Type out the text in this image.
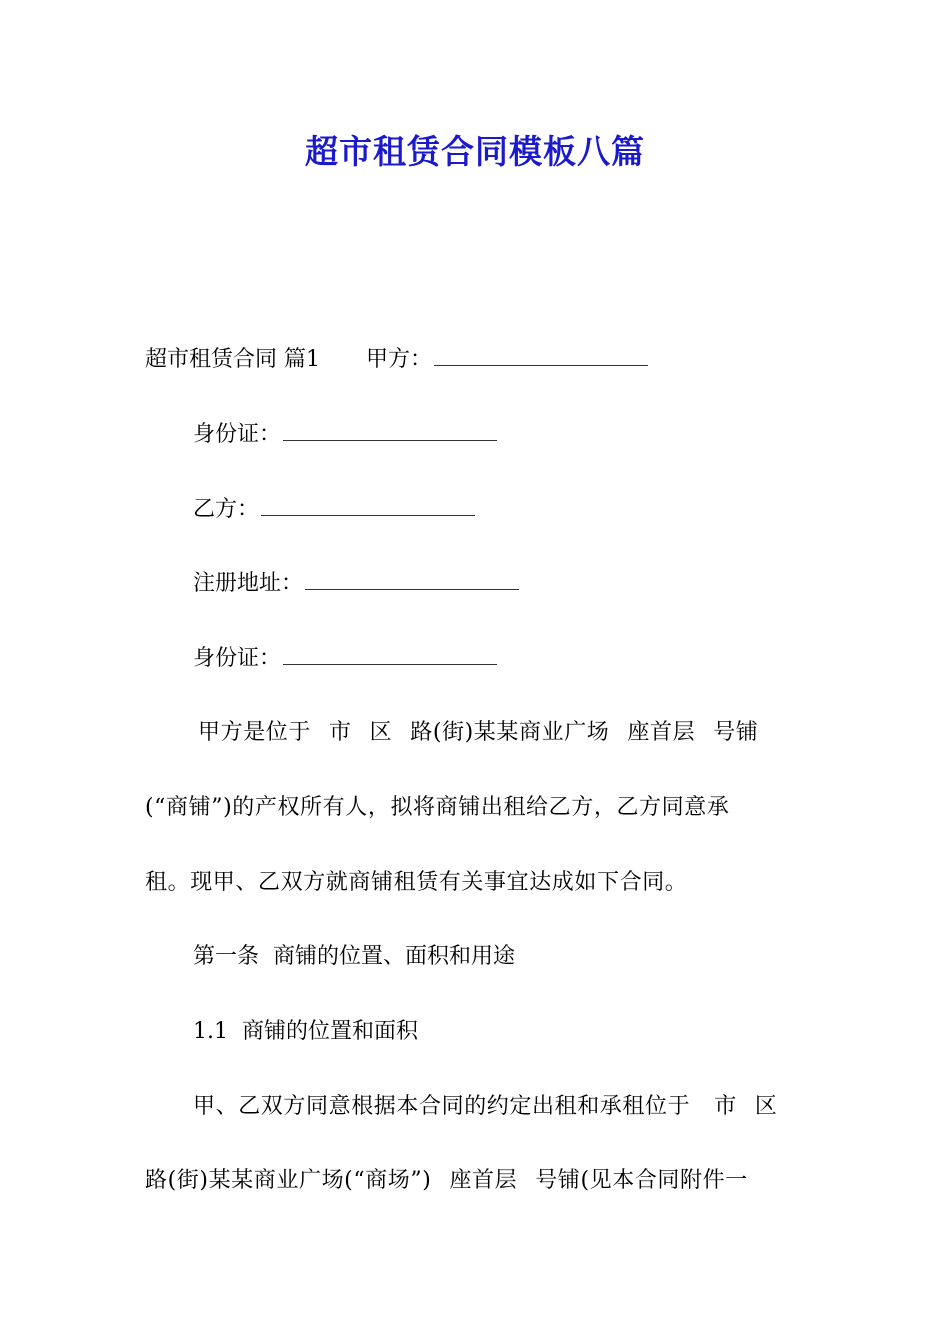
超市租赁合同模板八篇
超市租赁合同 篇1 甲方：
身份证：
乙方：
注册地址：
身份证：
甲方是位于 市 区 路(街)某某商业广场 座首层 号铺
(“商铺”)的产权所有人，拟将商铺出租给乙方，乙方同意承
租。现甲、乙双方就商铺租赁有关事宜达成如下合同。
第一条  商铺的位置、面积和用途
1.1  商铺的位置和面积
甲、乙双方同意根据本合同的约定出租和承租位于 市 区
路(街)某某商业广场(“商场”) 座首层 号铺(见本合同附件一
